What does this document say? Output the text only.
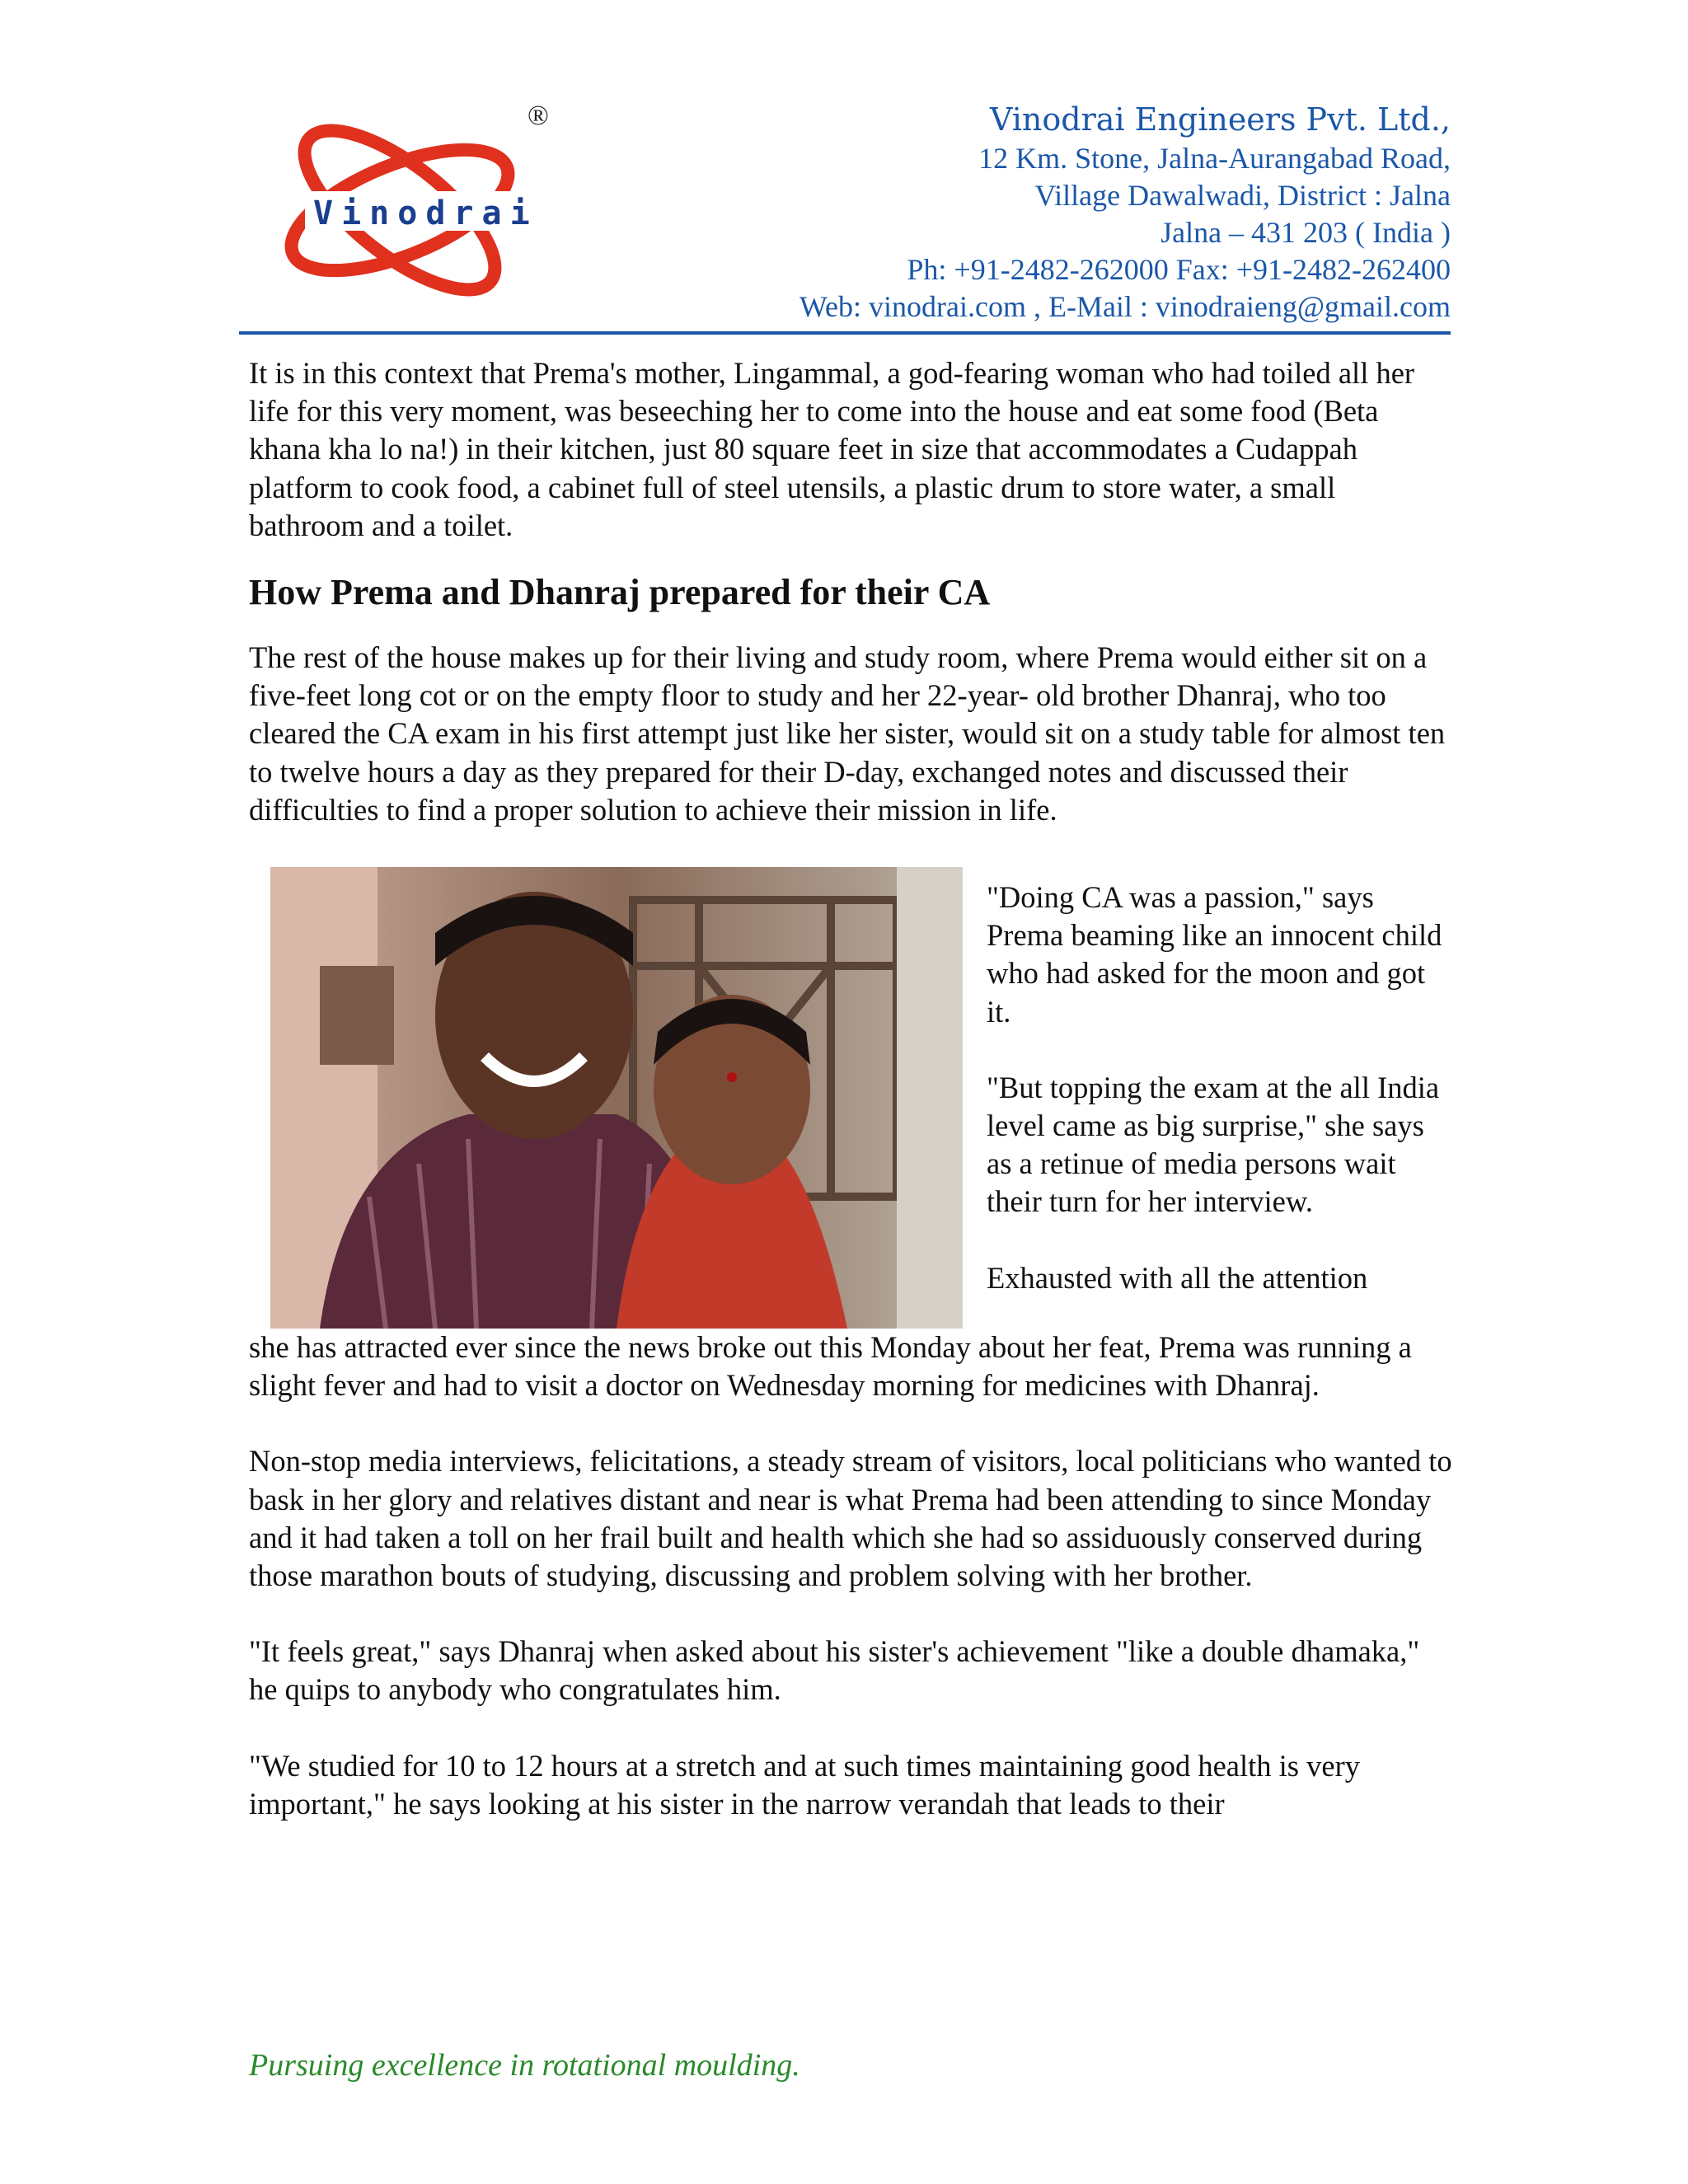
Vinodrai
®	Vinodrai Engineers Pvt. Ltd.,
12 Km. Stone, Jalna-Aurangabad Road,
Village Dawalwadi, District : Jalna
Jalna – 431 203 ( India )
Ph: +91-2482-262000 Fax: +91-2482-262400
Web: vinodrai.com , E-Mail : vinodraieng@gmail.com

It is in this context that Prema's mother, Lingammal, a god-fearing woman who had toiled all her life for this very moment, was beseeching her to come into the house and eat some food (Beta khana kha lo na!) in their kitchen, just 80 square feet in size that accommodates a Cudappah platform to cook food, a cabinet full of steel utensils, a plastic drum to store water, a small bathroom and a toilet.

How Prema and Dhanraj prepared for their CA

The rest of the house makes up for their living and study room, where Prema would either sit on a five-feet long cot or on the empty floor to study and her 22-year- old brother Dhanraj, who too cleared the CA exam in his first attempt just like her sister, would sit on a study table for almost ten to twelve hours a day as they prepared for their D-day, exchanged notes and discussed their difficulties to find a proper solution to achieve their mission in life.

"Doing CA was a passion," says Prema beaming like an innocent child who had asked for the moon and got it.

"But topping the exam at the all India level came as big surprise," she says as a retinue of media persons wait their turn for her interview.

Exhausted with all the attention

she has attracted ever since the news broke out this Monday about her feat, Prema was running a slight fever and had to visit a doctor on Wednesday morning for medicines with Dhanraj.

Non-stop media interviews, felicitations, a steady stream of visitors, local politicians who wanted to bask in her glory and relatives distant and near is what Prema had been attending to since Monday and it had taken a toll on her frail built and health which she had so assiduously conserved during those marathon bouts of studying, discussing and problem solving with her brother.

"It feels great," says Dhanraj when asked about his sister's achievement "like a double dhamaka," he quips to anybody who congratulates him.

"We studied for 10 to 12 hours at a stretch and at such times maintaining good health is very important," he says looking at his sister in the narrow verandah that leads to their

Pursuing excellence in rotational moulding.
